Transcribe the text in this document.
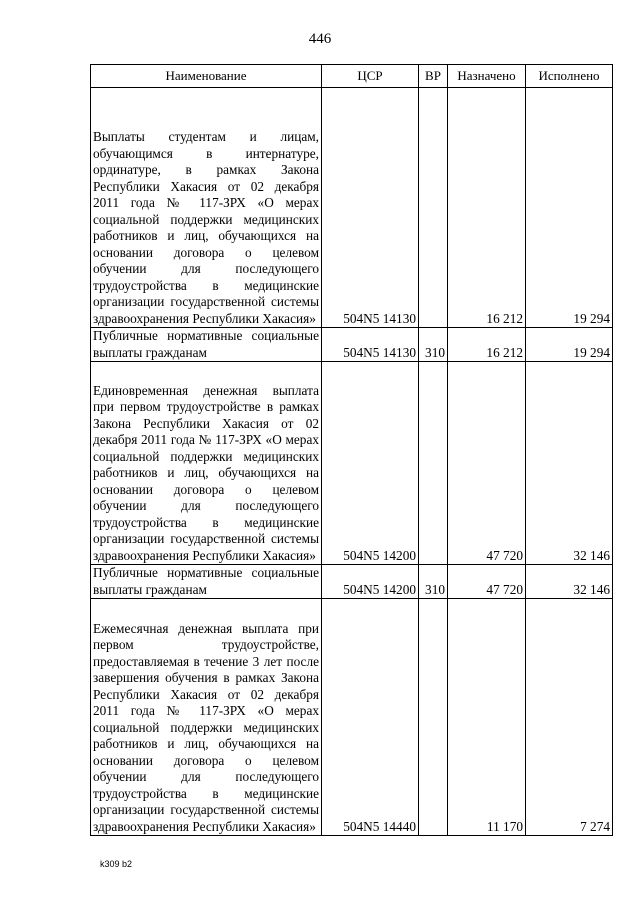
446
Наименование	ЦСР	ВР	Назначено	Исполнено
Выплаты студентам и лицам, обучающимся в интернатуре, ординатуре, в рамках Закона Республики Хакасия от 02 декабря 2011 года № 117-ЗРХ «О мерах социальной поддержки медицинских работников и лиц, обучающихся на основании договора о целевом обучении для последующего трудоустройства в медицинские организации государственной системы здравоохранения Республики Хакасия»	504N5 14130		16 212	19 294
Публичные нормативные социальные выплаты гражданам	504N5 14130	310	16 212	19 294
Единовременная денежная выплата при первом трудоустройстве в рамках Закона Республики Хакасия от 02 декабря 2011 года № 117-ЗРХ «О мерах социальной поддержки медицинских работников и лиц, обучающихся на основании договора о целевом обучении для последующего трудоустройства в медицинские организации государственной системы здравоохранения Республики Хакасия»	504N5 14200		47 720	32 146
Публичные нормативные социальные выплаты гражданам	504N5 14200	310	47 720	32 146
Ежемесячная денежная выплата при первом трудоустройстве, предоставляемая в течение 3 лет после завершения обучения в рамках Закона Республики Хакасия от 02 декабря 2011 года № 117-ЗРХ «О мерах социальной поддержки медицинских работников и лиц, обучающихся на основании договора о целевом обучении для последующего трудоустройства в медицинские организации государственной системы здравоохранения Республики Хакасия»	504N5 14440		11 170	7 274
k309 b2
